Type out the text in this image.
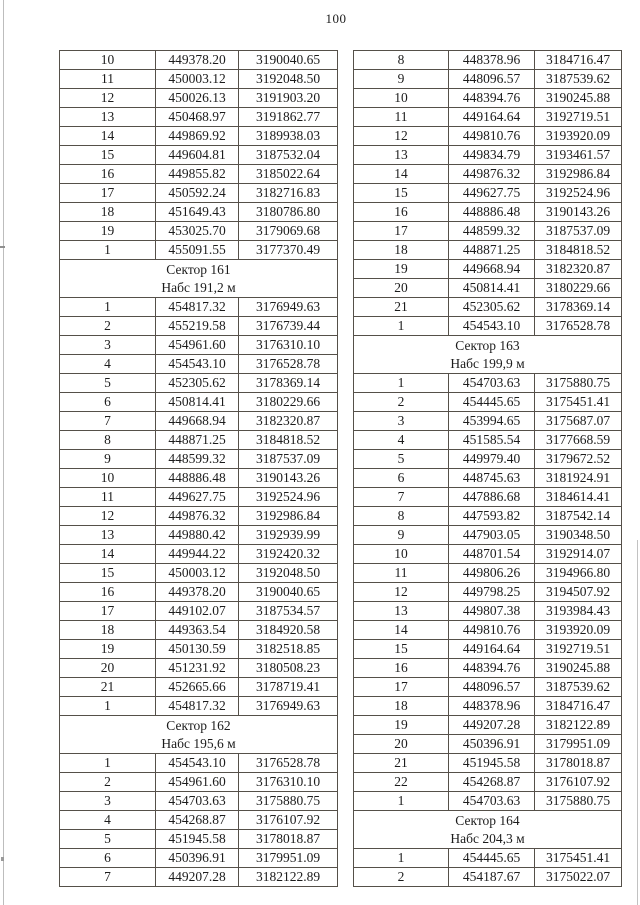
100
10	449378.20	3190040.65
11	450003.12	3192048.50
12	450026.13	3191903.20
13	450468.97	3191862.77
14	449869.92	3189938.03
15	449604.81	3187532.04
16	449855.82	3185022.64
17	450592.24	3182716.83
18	451649.43	3180786.80
19	453025.70	3179069.68
1	455091.55	3177370.49

Сектор 161
Набс 191,2 м		

1	454817.32	3176949.63
2	455219.58	3176739.44
3	454961.60	3176310.10
4	454543.10	3176528.78
5	452305.62	3178369.14
6	450814.41	3180229.66
7	449668.94	3182320.87
8	448871.25	3184818.52
9	448599.32	3187537.09
10	448886.48	3190143.26
11	449627.75	3192524.96
12	449876.32	3192986.84
13	449880.42	3192939.99
14	449944.22	3192420.32
15	450003.12	3192048.50
16	449378.20	3190040.65
17	449102.07	3187534.57
18	449363.54	3184920.58
19	450130.59	3182518.85
20	451231.92	3180508.23
21	452665.66	3178719.41
1	454817.32	3176949.63

Сектор 162
Набс 195,6 м		

1	454543.10	3176528.78
2	454961.60	3176310.10
3	454703.63	3175880.75
4	454268.87	3176107.92
5	451945.58	3178018.87
6	450396.91	3179951.09
7	449207.28	3182122.89
8	448378.96	3184716.47
9	448096.57	3187539.62
10	448394.76	3190245.88
11	449164.64	3192719.51
12	449810.76	3193920.09
13	449834.79	3193461.57
14	449876.32	3192986.84
15	449627.75	3192524.96
16	448886.48	3190143.26
17	448599.32	3187537.09
18	448871.25	3184818.52
19	449668.94	3182320.87
20	450814.41	3180229.66
21	452305.62	3178369.14
1	454543.10	3176528.78

Сектор 163
Набс 199,9 м		

1	454703.63	3175880.75
2	454445.65	3175451.41
3	453994.65	3175687.07
4	451585.54	3177668.59
5	449979.40	3179672.52
6	448745.63	3181924.91
7	447886.68	3184614.41
8	447593.82	3187542.14
9	447903.05	3190348.50
10	448701.54	3192914.07
11	449806.26	3194966.80
12	449798.25	3194507.92
13	449807.38	3193984.43
14	449810.76	3193920.09
15	449164.64	3192719.51
16	448394.76	3190245.88
17	448096.57	3187539.62
18	448378.96	3184716.47
19	449207.28	3182122.89
20	450396.91	3179951.09
21	451945.58	3178018.87
22	454268.87	3176107.92
1	454703.63	3175880.75

Сектор 164
Набс 204,3 м		

1	454445.65	3175451.41
2	454187.67	3175022.07
